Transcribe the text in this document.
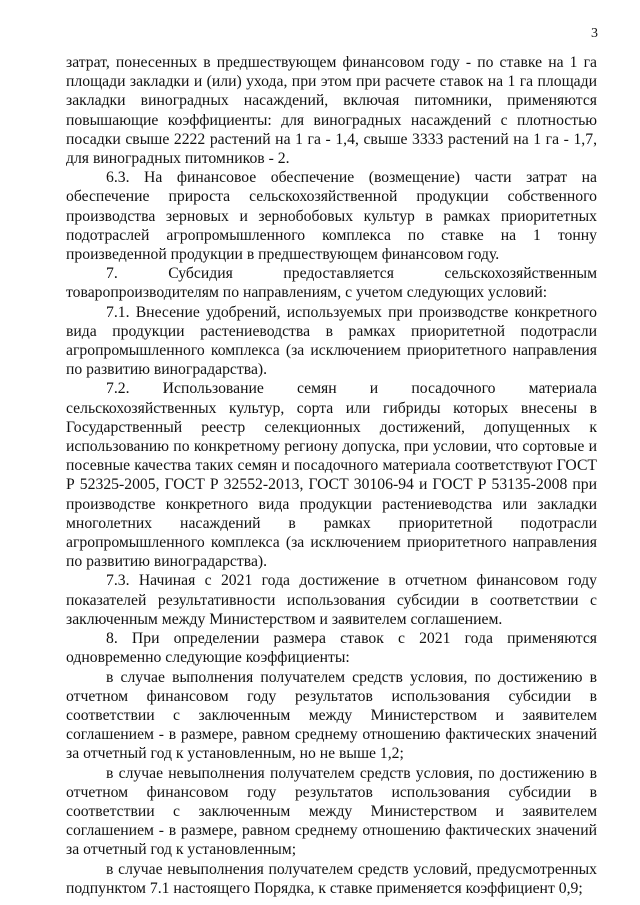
3

затрат, понесенных в предшествующем финансовом году - по ставке на 1 га площади закладки и (или) ухода, при этом при расчете ставок на 1 га площади закладки виноградных насаждений, включая питомники, применяются повышающие коэффициенты: для виноградных насаждений с плотностью посадки свыше 2222 растений на 1 га - 1,4, свыше 3333 растений на 1 га - 1,7, для виноградных питомников - 2.

6.3. На финансовое обеспечение (возмещение) части затрат на обеспечение прироста сельскохозяйственной продукции собственного производства зерновых и зернобобовых культур в рамках приоритетных подотраслей агропромышленного комплекса по ставке на 1 тонну произведенной продукции в предшествующем финансовом году.

7. Субсидия предоставляется сельскохозяйственным товаропроизводителям по направлениям, с учетом следующих условий:

7.1. Внесение удобрений, используемых при производстве конкретного вида продукции растениеводства в рамках приоритетной подотрасли агропромышленного комплекса (за исключением приоритетного направления по развитию виноградарства).

7.2. Использование семян и посадочного материала сельскохозяйственных культур, сорта или гибриды которых внесены в Государственный реестр селекционных достижений, допущенных к использованию по конкретному региону допуска, при условии, что сортовые и посевные качества таких семян и посадочного материала соответствуют ГОСТ Р 52325-2005, ГОСТ Р 32552-2013, ГОСТ 30106-94 и ГОСТ Р 53135-2008 при производстве конкретного вида продукции растениеводства или закладки многолетних насаждений в рамках приоритетной подотрасли агропромышленного комплекса (за исключением приоритетного направления по развитию виноградарства).

7.3. Начиная с 2021 года достижение в отчетном финансовом году показателей результативности использования субсидии в соответствии с заключенным между Министерством и заявителем соглашением.

8. При определении размера ставок с 2021 года применяются одновременно следующие коэффициенты:

в случае выполнения получателем средств условия, по достижению в отчетном финансовом году результатов использования субсидии в соответствии с заключенным между Министерством и заявителем соглашением - в размере, равном среднему отношению фактических значений за отчетный год к установленным, но не выше 1,2;

в случае невыполнения получателем средств условия, по достижению в отчетном финансовом году результатов использования субсидии в соответствии с заключенным между Министерством и заявителем соглашением - в размере, равном среднему отношению фактических значений за отчетный год к установленным;

в случае невыполнения получателем средств условий, предусмотренных подпунктом 7.1 настоящего Порядка, к ставке применяется коэффициент 0,9;
